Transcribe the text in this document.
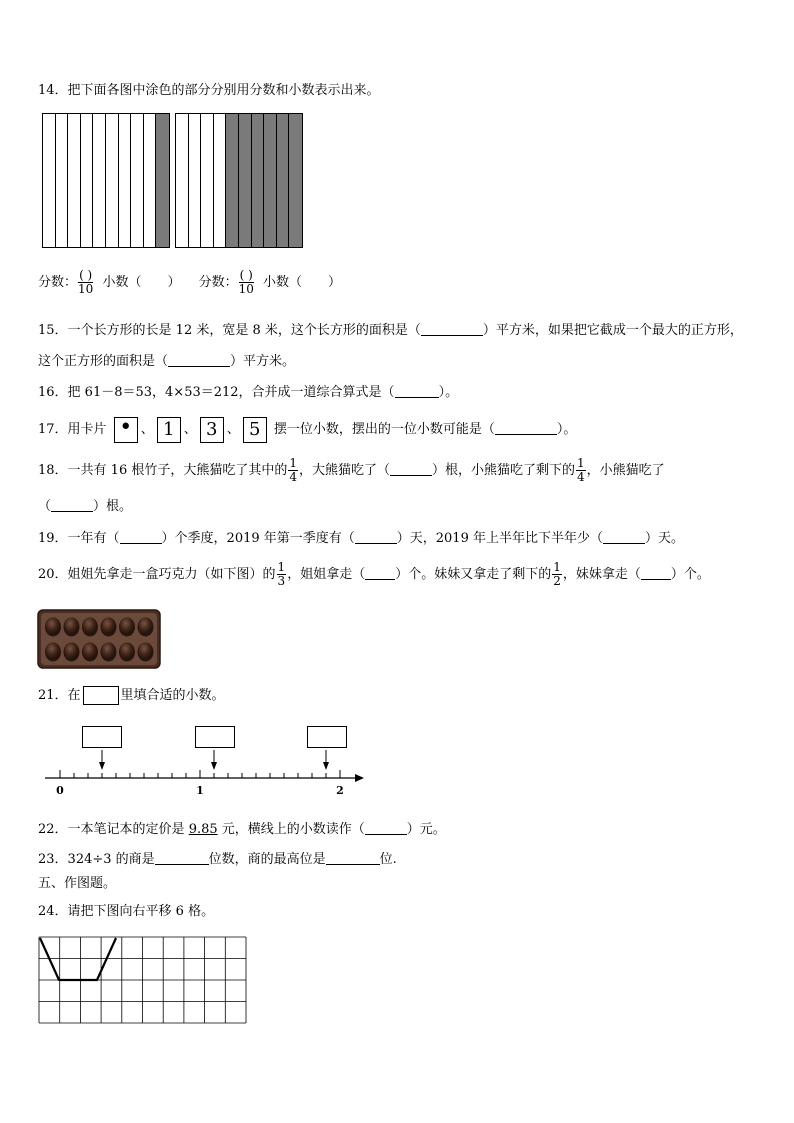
14．把下面各图中涂色的部分分别用分数和小数表示出来。
分数： $\frac{( )}{10}$ 小数（　　） 分数： $\frac{( )}{10}$ 小数（　　）
15．一个长方形的长是 12 米，宽是 8 米，这个长方形的面积是（	）平方米，如果把它截成一个最大的正方形，
这个正方形的面积是（	）平方米。
16．把 61－8＝53，4×53＝212，合并成一道综合算式是（	）。
17．用卡片 • 、 1 、 3 、 5 摆一位小数，摆出的一位小数可能是（	）。
18．一共有 16 根竹子，大熊猫吃了其中的 $\frac{1}{4}$ ，大熊猫吃了（	）根，小熊猫吃了剩下的 $\frac{1}{4}$ ，小熊猫吃了
（	）根。
19．一年有（	）个季度，2019 年第一季度有（	）天，2019 年上半年比下半年少（	）天。
20．姐姐先拿走一盒巧克力（如下图）的 $\frac{1}{3}$ ，姐姐拿走（ ）个。妹妹又拿走了剩下的 $\frac{1}{2}$ ，妹妹拿走（ ）个。
21．在	里填合适的小数。
0	1	2
22．一本笔记本的定价是 9.85 元，横线上的小数读作（	）元。
23．324÷3 的商是	位数，商的最高位是	位.
五、作图题。
24．请把下图向右平移 6 格。
